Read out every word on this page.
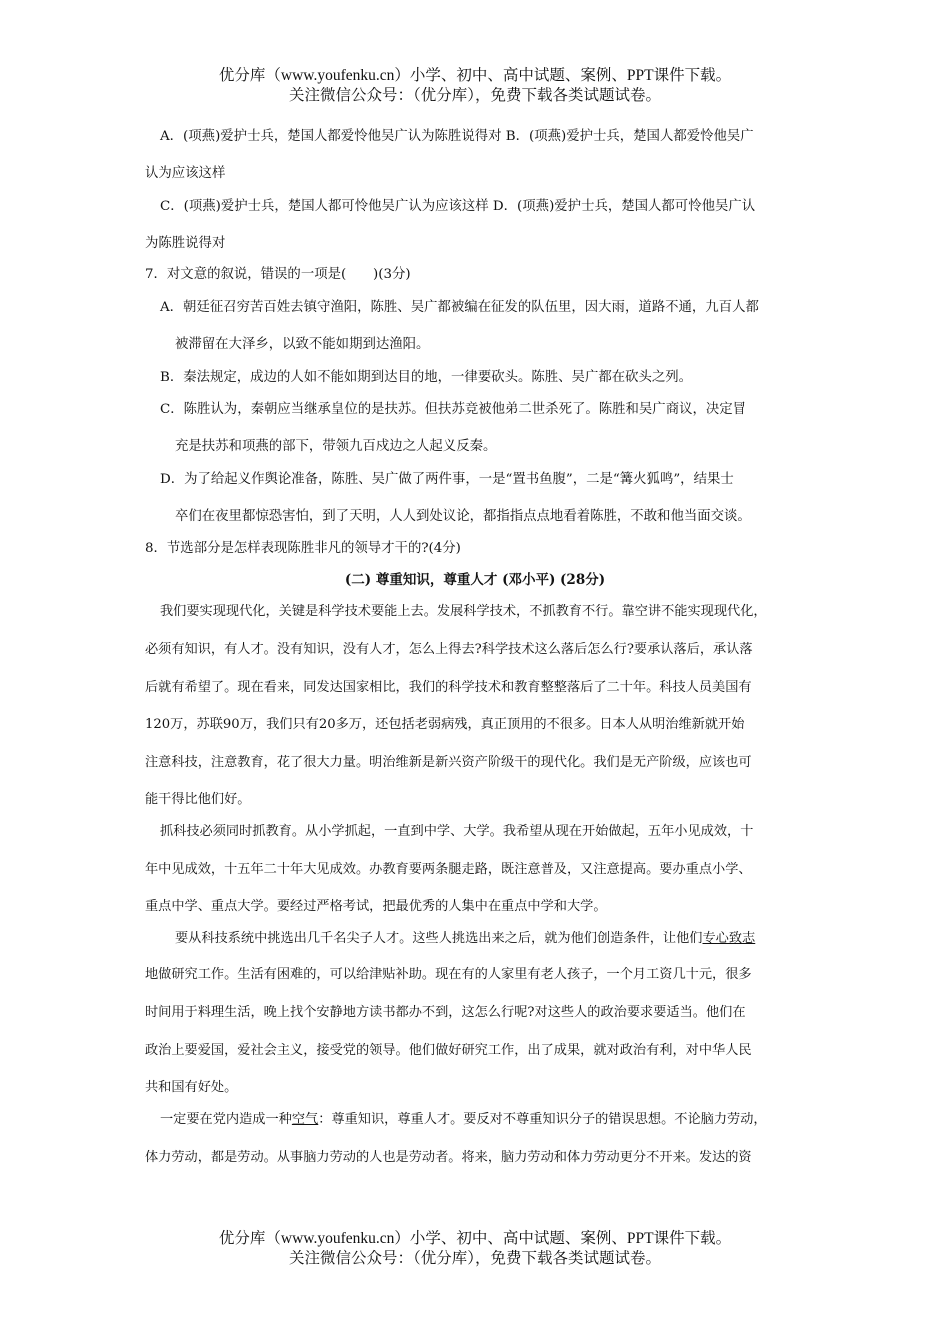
优分库（www.youfenku.cn）小学、初中、高中试题、案例、PPT课件下载。
关注微信公众号：（优分库），免费下载各类试题试卷。
A．(项燕)爱护士兵，楚国人都爱怜他吴广认为陈胜说得对 B．(项燕)爱护士兵，楚国人都爱怜他吴广
认为应该这样
C．(项燕)爱护士兵，楚国人都可怜他吴广认为应该这样 D．(项燕)爱护士兵，楚国人都可怜他吴广认
为陈胜说得对
7．对文意的叙说，错误的一项是(　　)(3分)
A．朝廷征召穷苦百姓去镇守渔阳，陈胜、吴广都被编在征发的队伍里，因大雨，道路不通，九百人都
被滞留在大泽乡，以致不能如期到达渔阳。
B．秦法规定，成边的人如不能如期到达目的地，一律要砍头。陈胜、吴广都在砍头之列。
C．陈胜认为，秦朝应当继承皇位的是扶苏。但扶苏竞被他弟二世杀死了。陈胜和吴广商议，决定冒
充是扶苏和项燕的部下，带领九百戍边之人起义反秦。
D．为了给起义作舆论准备，陈胜、吴广做了两件事，一是“置书鱼腹”，二是“篝火狐鸣”，结果士
卒们在夜里都惊恐害怕，到了天明，人人到处议论，都指指点点地看着陈胜，不敢和他当面交谈。
8．节选部分是怎样表现陈胜非凡的领导才干的?(4分)
(二) 尊重知识，尊重人才 (邓小平) (28分)
我们要实现现代化，关键是科学技术要能上去。发展科学技术，不抓教育不行。靠空讲不能实现现代化，
必须有知识，有人才。没有知识，没有人才，怎么上得去?科学技术这么落后怎么行?要承认落后，承认落
后就有希望了。现在看来，同发达国家相比，我们的科学技术和教育整整落后了二十年。科技人员美国有
120万，苏联90万，我们只有20多万，还包括老弱病残，真正顶用的不很多。日本人从明治维新就开始
注意科技，注意教育，花了很大力量。明治维新是新兴资产阶级干的现代化。我们是无产阶级，应该也可
能干得比他们好。
抓科技必须同时抓教育。从小学抓起，一直到中学、大学。我希望从现在开始做起，五年小见成效，十
年中见成效，十五年二十年大见成效。办教育要两条腿走路，既注意普及，又注意提高。要办重点小学、
重点中学、重点大学。要经过严格考试，把最优秀的人集中在重点中学和大学。
要从科技系统中挑选出几千名尖子人才。这些人挑选出来之后，就为他们创造条件，让他们专心致志
地做研究工作。生活有困难的，可以给津贴补助。现在有的人家里有老人孩子，一个月工资几十元，很多
时间用于料理生活，晚上找个安静地方读书都办不到，这怎么行呢?对这些人的政治要求要适当。他们在
政治上要爱国，爱社会主义，接受党的领导。他们做好研究工作，出了成果，就对政治有利，对中华人民
共和国有好处。
一定要在党内造成一种空气：尊重知识，尊重人才。要反对不尊重知识分子的错误思想。不论脑力劳动，
体力劳动，都是劳动。从事脑力劳动的人也是劳动者。将来，脑力劳动和体力劳动更分不开来。发达的资
优分库（www.youfenku.cn）小学、初中、高中试题、案例、PPT课件下载。
关注微信公众号：（优分库），免费下载各类试题试卷。
